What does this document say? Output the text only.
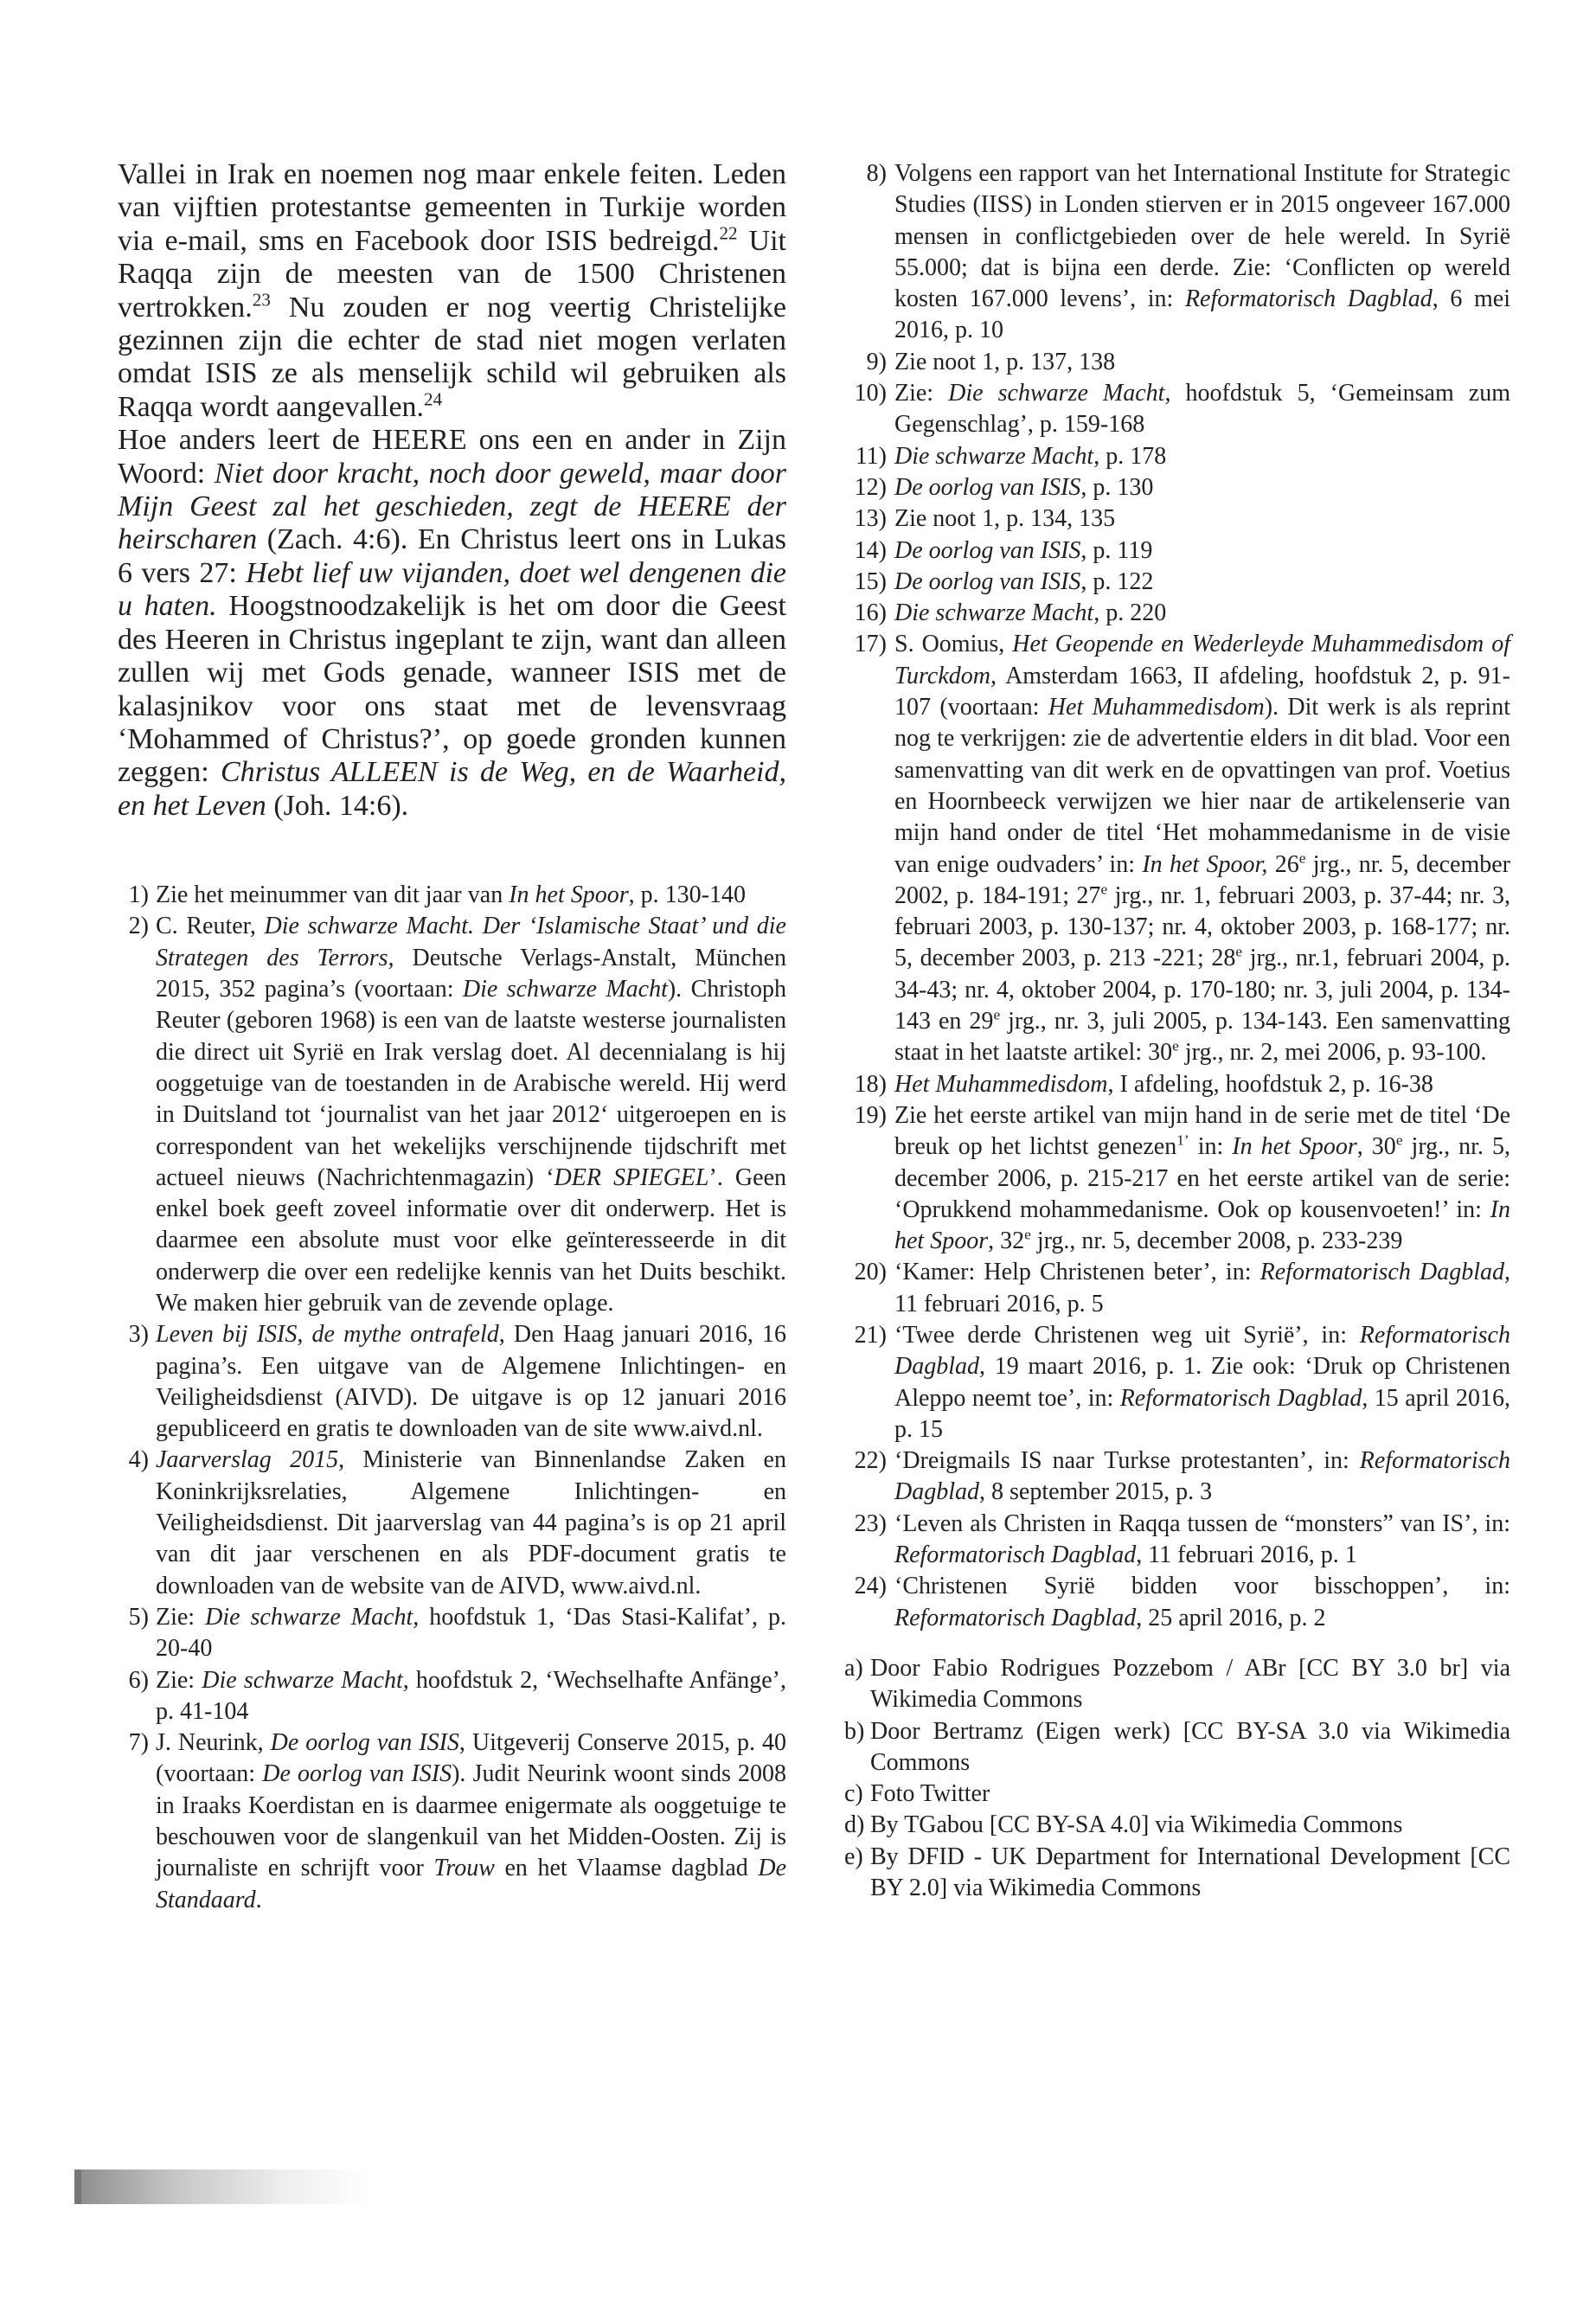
Vallei in Irak en noemen nog maar enkele feiten. Leden van vijftien protestantse gemeenten in Turkije worden via e-mail, sms en Facebook door ISIS bedreigd.$^{22}$ Uit Raqqa zijn de meesten van de 1500 Christenen vertrokken.$^{23}$ Nu zouden er nog veertig Christelijke gezinnen zijn die echter de stad niet mogen verlaten omdat ISIS ze als menselijk schild wil gebruiken als Raqqa wordt aangevallen.$^{24}$

Hoe anders leert de HEERE ons een en ander in Zijn Woord: Niet door kracht, noch door geweld, maar door Mijn Geest zal het geschieden, zegt de HEERE der heirscharen (Zach. 4:6). En Christus leert ons in Lukas 6 vers 27: Hebt lief uw vijanden, doet wel dengenen die u haten. Hoogstnoodzakelijk is het om door die Geest des Heeren in Christus ingeplant te zijn, want dan alleen zullen wij met Gods genade, wanneer ISIS met de kalasjnikov voor ons staat met de levensvraag ‘Mohammed of Christus?’, op goede gronden kunnen zeggen: Christus ALLEEN is de Weg, en de Waarheid, en het Leven (Joh. 14:6).

1) Zie het meinummer van dit jaar van In het Spoor, p. 130-140

2) C. Reuter, Die schwarze Macht. Der ‘Islamische Staat’ und die Strategen des Terrors, Deutsche Verlags-Anstalt, München 2015, 352 pagina’s (voortaan: Die schwarze Macht). Christoph Reuter (geboren 1968) is een van de laatste westerse journalisten die direct uit Syrië en Irak verslag doet. Al decennialang is hij ooggetuige van de toestanden in de Arabische wereld. Hij werd in Duitsland tot ‘journalist van het jaar 2012‘ uitgeroepen en is correspondent van het wekelijks verschijnende tijdschrift met actueel nieuws (Nachrichtenmagazin) ‘DER SPIEGEL’. Geen enkel boek geeft zoveel informatie over dit onderwerp. Het is daarmee een absolute must voor elke geïnteresseerde in dit onderwerp die over een redelijke kennis van het Duits beschikt. We maken hier gebruik van de zevende oplage.

3) Leven bij ISIS, de mythe ontrafeld, Den Haag januari 2016, 16 pagina’s. Een uitgave van de Algemene Inlichtingen- en Veiligheidsdienst (AIVD). De uitgave is op 12 januari 2016 gepubliceerd en gratis te downloaden van de site www.aivd.nl.

4) Jaarverslag 2015, Ministerie van Binnenlandse Zaken en Koninkrijksrelaties, Algemene Inlichtingen- en Veiligheidsdienst. Dit jaarverslag van 44 pagina’s is op 21 april van dit jaar verschenen en als PDF-document gratis te downloaden van de website van de AIVD, www.aivd.nl.

5) Zie: Die schwarze Macht, hoofdstuk 1, ‘Das Stasi-Kalifat’, p. 20-40

6) Zie: Die schwarze Macht, hoofdstuk 2, ‘Wechselhafte Anfänge’, p. 41-104

7) J. Neurink, De oorlog van ISIS, Uitgeverij Conserve 2015, p. 40 (voortaan: De oorlog van ISIS). Judit Neurink woont sinds 2008 in Iraaks Koerdistan en is daarmee enigermate als ooggetuige te beschouwen voor de slangenkuil van het Midden-Oosten. Zij is journaliste en schrijft voor Trouw en het Vlaamse dagblad De Standaard.

8) Volgens een rapport van het International Institute for Strategic Studies (IISS) in Londen stierven er in 2015 ongeveer 167.000 mensen in conflictgebieden over de hele wereld. In Syrië 55.000; dat is bijna een derde. Zie: ‘Conflicten op wereld kosten 167.000 levens’, in: Reformatorisch Dagblad, 6 mei 2016, p. 10

9) Zie noot 1, p. 137, 138

10) Zie: Die schwarze Macht, hoofdstuk 5, ‘Gemeinsam zum Gegenschlag’, p. 159-168

11) Die schwarze Macht, p. 178

12) De oorlog van ISIS, p. 130

13) Zie noot 1, p. 134, 135

14) De oorlog van ISIS, p. 119

15) De oorlog van ISIS, p. 122

16) Die schwarze Macht, p. 220

17) S. Oomius, Het Geopende en Wederleyde Muhammedisdom of Turckdom, Amsterdam 1663, II afdeling, hoofdstuk 2, p. 91-107 (voortaan: Het Muhammedisdom). Dit werk is als reprint nog te verkrijgen: zie de advertentie elders in dit blad. Voor een samenvatting van dit werk en de opvattingen van prof. Voetius en Hoornbeeck verwijzen we hier naar de artikelenserie van mijn hand onder de titel ‘Het mohammedanisme in de visie van enige oudvaders’ in: In het Spoor, 26e jrg., nr. 5, december 2002, p. 184-191; 27e jrg., nr. 1, februari 2003, p. 37-44; nr. 3, februari 2003, p. 130-137; nr. 4, oktober 2003, p. 168-177; nr. 5, december 2003, p. 213 -221; 28e jrg., nr.1, februari 2004, p. 34-43; nr. 4, oktober 2004, p. 170-180; nr. 3, juli 2004, p. 134-143 en 29e jrg., nr. 3, juli 2005, p. 134-143. Een samenvatting staat in het laatste artikel: 30e jrg., nr. 2, mei 2006, p. 93-100.

18) Het Muhammedisdom, I afdeling, hoofdstuk 2, p. 16-38

19) Zie het eerste artikel van mijn hand in de serie met de titel ‘De breuk op het lichtst genezen$^{1’}$ in: In het Spoor, 30e jrg., nr. 5, december 2006, p. 215-217 en het eerste artikel van de serie: ‘Oprukkend mohammedanisme. Ook op kousenvoeten!’ in: In het Spoor, 32e jrg., nr. 5, december 2008, p. 233-239

20) ‘Kamer: Help Christenen beter’, in: Reformatorisch Dagblad, 11 februari 2016, p. 5

21) ‘Twee derde Christenen weg uit Syrië’, in: Reformatorisch Dagblad, 19 maart 2016, p. 1. Zie ook: ‘Druk op Christenen Aleppo neemt toe’, in: Reformatorisch Dagblad, 15 april 2016, p. 15

22) ‘Dreigmails IS naar Turkse protestanten’, in: Reformatorisch Dagblad, 8 september 2015, p. 3

23) ‘Leven als Christen in Raqqa tussen de “monsters” van IS’, in: Reformatorisch Dagblad, 11 februari 2016, p. 1

24) ‘Christenen Syrië bidden voor bisschoppen’, in: Reformatorisch Dagblad, 25 april 2016, p. 2

a) Door Fabio Rodrigues Pozzebom / ABr [CC BY 3.0 br] via Wikimedia Commons

b) Door Bertramz (Eigen werk) [CC BY-SA 3.0 via Wikimedia Commons

c) Foto Twitter

d) By TGabou [CC BY-SA 4.0] via Wikimedia Commons

e) By DFID - UK Department for International Development [CC BY 2.0] via Wikimedia Commons
